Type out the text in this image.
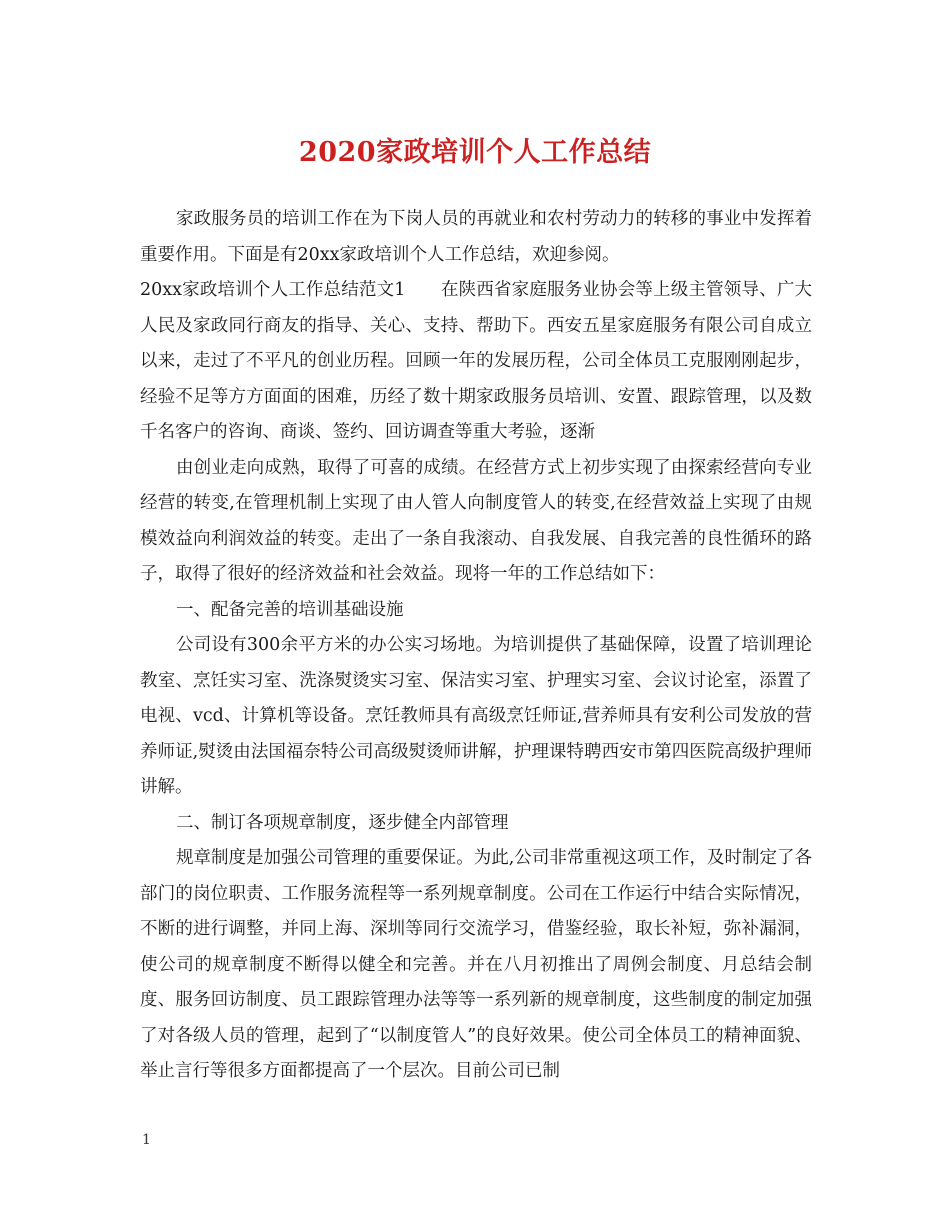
2020家政培训个人工作总结

家政服务员的培训工作在为下岗人员的再就业和农村劳动力的转移的事业中发挥着重要作用。下面是有20xx家政培训个人工作总结，欢迎参阅。

20xx家政培训个人工作总结范文1　　在陕西省家庭服务业协会等上级主管领导、广大人民及家政同行商友的指导、关心、支持、帮助下。西安五星家庭服务有限公司自成立以来，走过了不平凡的创业历程。回顾一年的发展历程，公司全体员工克服刚刚起步，经验不足等方方面面的困难，历经了数十期家政服务员培训、安置、跟踪管理，以及数千名客户的咨询、商谈、签约、回访调查等重大考验，逐渐

由创业走向成熟，取得了可喜的成绩。在经营方式上初步实现了由探索经营向专业经营的转变,在管理机制上实现了由人管人向制度管人的转变,在经营效益上实现了由规模效益向利润效益的转变。走出了一条自我滚动、自我发展、自我完善的良性循环的路子，取得了很好的经济效益和社会效益。现将一年的工作总结如下：

一、配备完善的培训基础设施

公司设有300余平方米的办公实习场地。为培训提供了基础保障，设置了培训理论教室、烹饪实习室、洗涤熨烫实习室、保洁实习室、护理实习室、会议讨论室，添置了电视、vcd、计算机等设备。烹饪教师具有高级烹饪师证,营养师具有安利公司发放的营养师证,熨烫由法国福奈特公司高级熨烫师讲解，护理课特聘西安市第四医院高级护理师讲解。

二、制订各项规章制度，逐步健全内部管理

规章制度是加强公司管理的重要保证。为此,公司非常重视这项工作，及时制定了各部门的岗位职责、工作服务流程等一系列规章制度。公司在工作运行中结合实际情况，不断的进行调整，并同上海、深圳等同行交流学习，借鉴经验，取长补短，弥补漏洞，使公司的规章制度不断得以健全和完善。并在八月初推出了周例会制度、月总结会制度、服务回访制度、员工跟踪管理办法等等一系列新的规章制度，这些制度的制定加强了对各级人员的管理，起到了“以制度管人”的良好效果。使公司全体员工的精神面貌、举止言行等很多方面都提高了一个层次。目前公司已制

1
